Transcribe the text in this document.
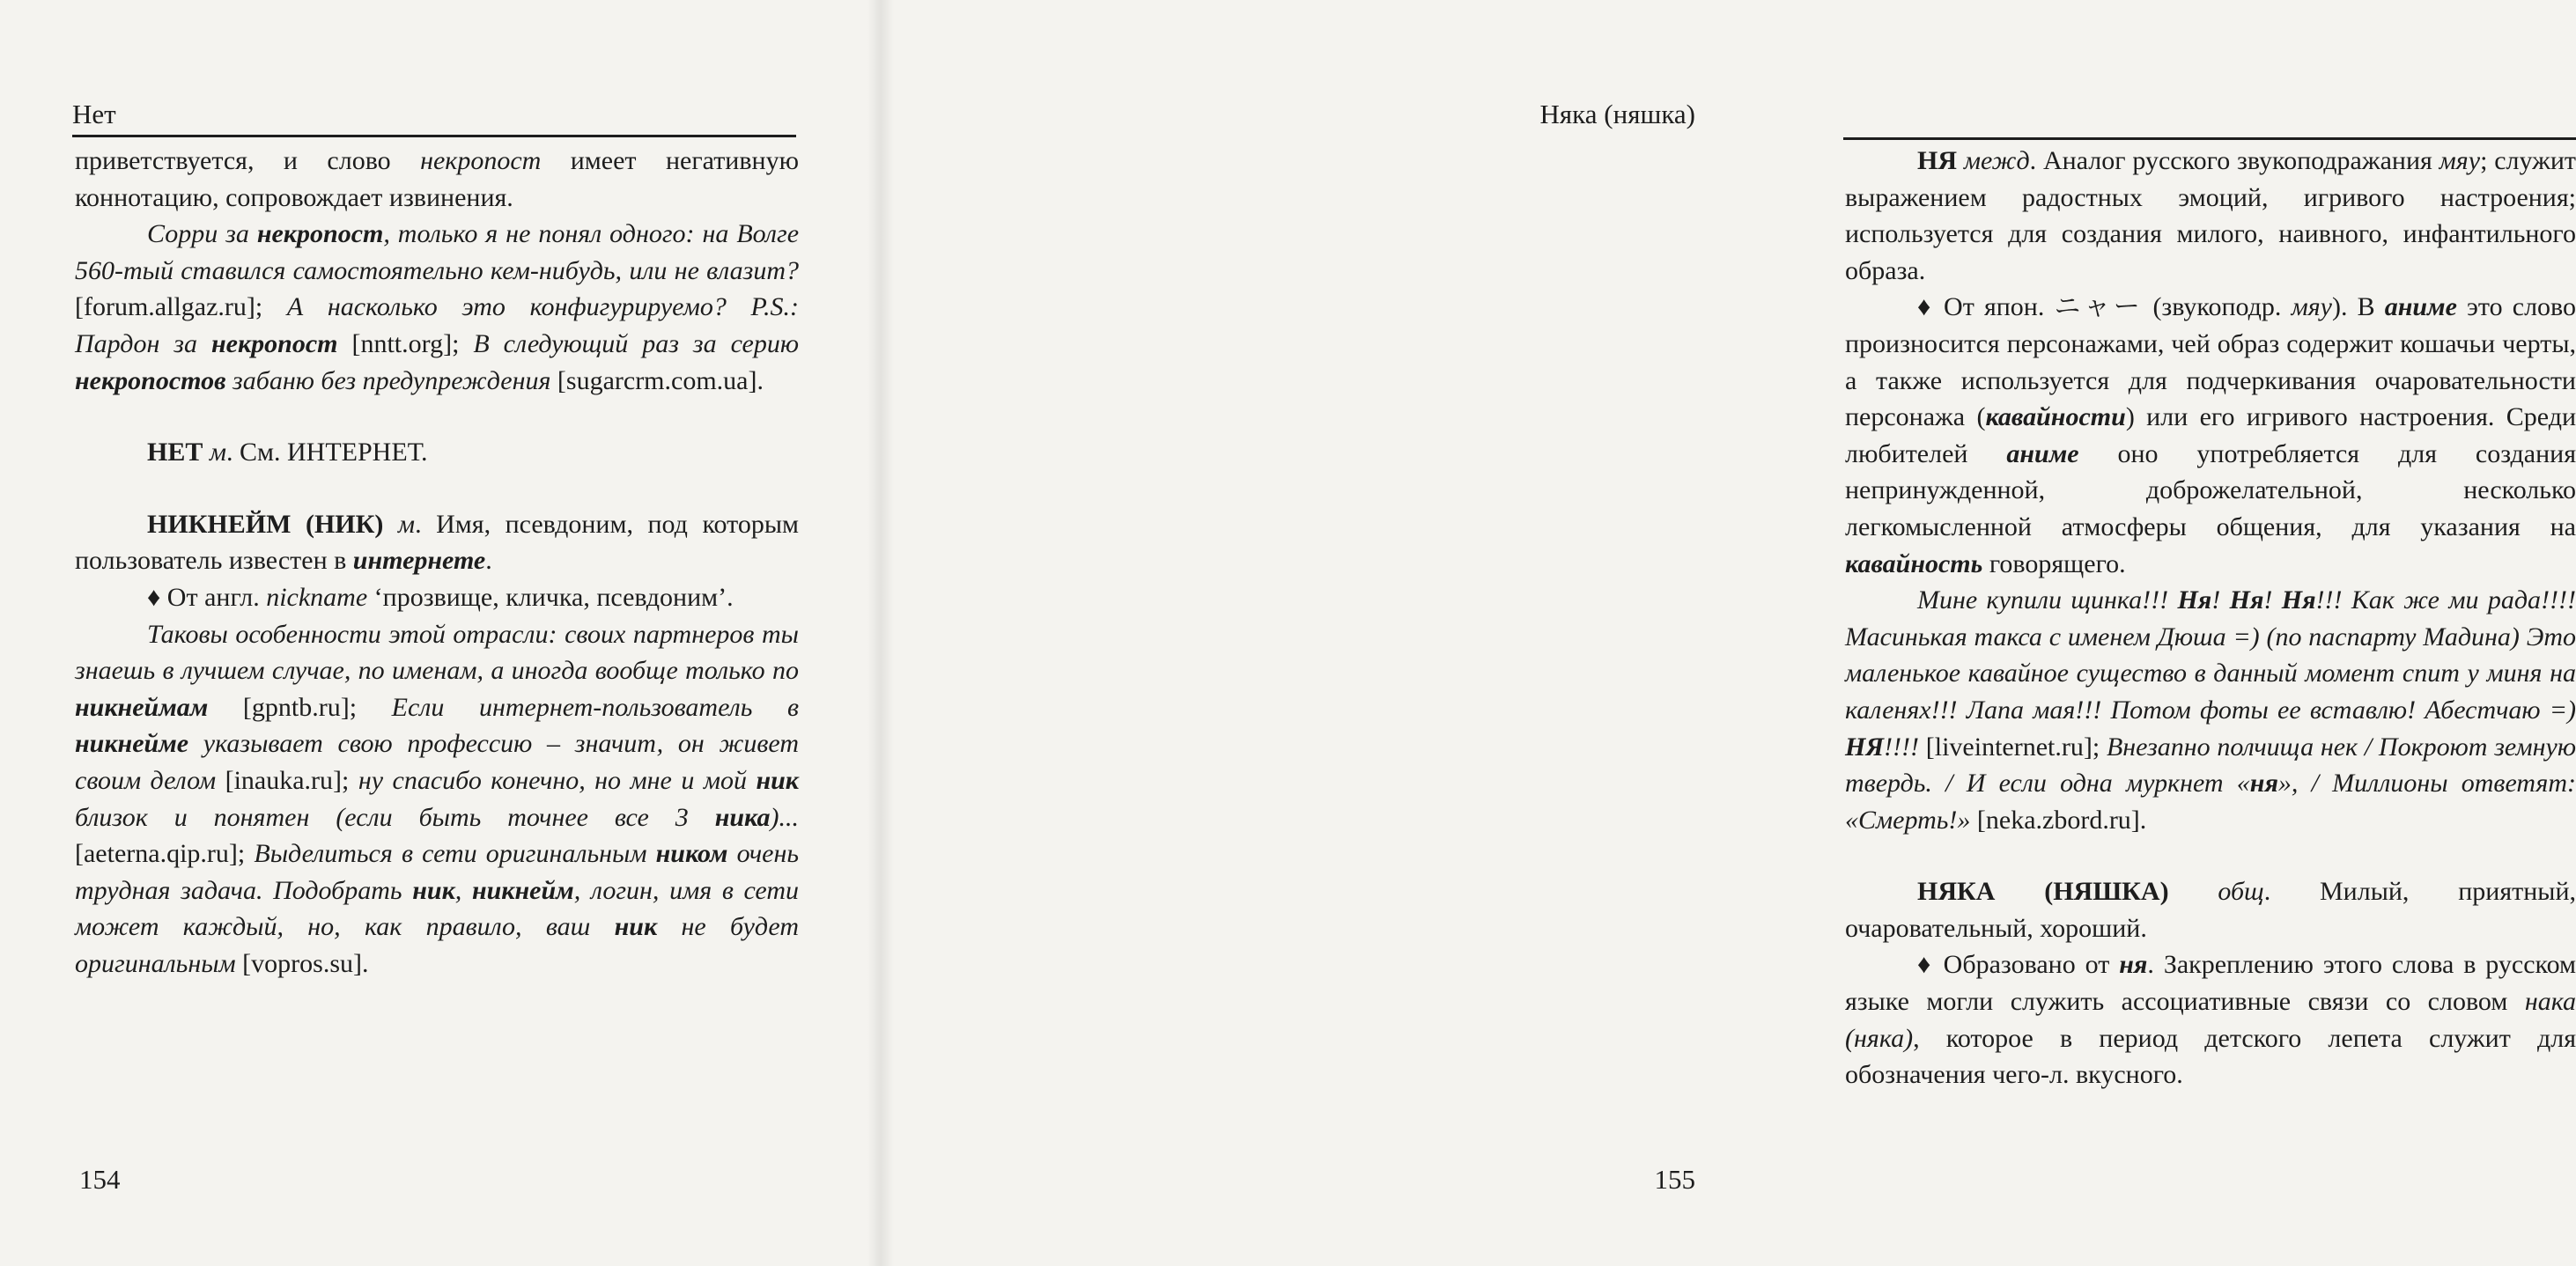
Нет

приветствуется, и слово некропост имеет негативную коннотацию, сопровождает извинения.

Сорри за некропост, только я не понял одного: на Волге 560-тый ставился самостоятельно кем-нибудь, или не влазит? [forum.allgaz.ru]; А насколько это конфигурируемо? P.S.: Пардон за некропост [nntt.org]; В следующий раз за серию некропостов забаню без предупреждения [sugarcrm.com.ua].

НЕТ м. См. ИНТЕРНЕТ.

НИКНЕЙМ (НИК) м. Имя, псевдоним, под которым пользователь известен в интернете.

♦ От англ. nickname ‘прозвище, кличка, псевдоним’.

Таковы особенности этой отрасли: своих партнеров ты знаешь в лучшем случае, по именам, а иногда вообще только по никнеймам [gpntb.ru]; Если интернет-пользователь в никнейме указывает свою профессию – значит, он живет своим делом [inauka.ru]; ну спасибо конечно, но мне и мой ник близок и понятен (если быть точнее все 3 ника)... [aeterna.qip.ru]; Выделиться в сети оригинальным ником очень трудная задача. Подобрать ник, никнейм, логин, имя в сети может каждый, но, как правило, ваш ник не будет оригинальным [vopros.su].

154
Няка (няшка)

НЯ межд. Аналог русского звукоподражания мяу; служит выражением радостных эмоций, игривого настроения; используется для создания милого, наивного, инфантильного образа.

♦ От япон. ニャー (звукоподр. мяу). В аниме это слово произносится персонажами, чей образ содержит кошачьи черты, а также используется для подчеркивания очаровательности персонажа (кавайности) или его игривого настроения. Среди любителей аниме оно употребляется для создания непринужденной, доброжелательной, несколько легкомысленной атмосферы общения, для указания на кавайность говорящего.

Мине купили щинка!!! Ня! Ня! Ня!!! Как же ми рада!!!! Масинькая такса с именем Дюша =) (по паспарту Мадина) Это маленькое кавайное существо в данный момент спит у миня на каленях!!! Лапа мая!!! Потом фоты ее вставлю! Абестчаю =) НЯ!!!! [liveinternet.ru]; Внезапно полчища нек / Покроют земную твердь. / И если одна муркнет «ня», / Миллионы ответят: «Смерть!» [neka.zbord.ru].

НЯКА (НЯШКА) общ. Милый, приятный, очаровательный, хороший.

♦ Образовано от ня. Закреплению этого слова в русском языке могли служить ассоциативные связи со словом нака (няка), которое в период детского лепета служит для обозначения чего-л. вкусного.

155
